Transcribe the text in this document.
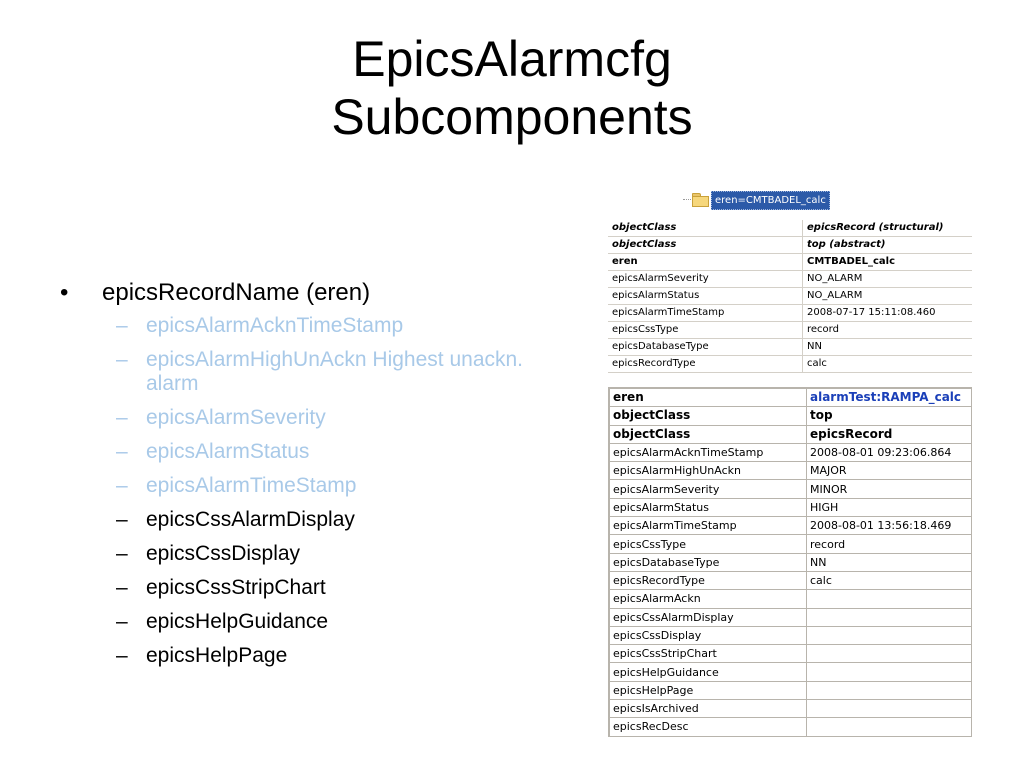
EpicsAlarmcfg
Subcomponents
• epicsRecordName (eren)
– epicsAlarmAcknTimeStamp
– epicsAlarmHighUnAckn Highest unackn. alarm
– epicsAlarmSeverity
– epicsAlarmStatus
– epicsAlarmTimeStamp
– epicsCssAlarmDisplay
– epicsCssDisplay
– epicsCssStripChart
– epicsHelpGuidance
– epicsHelpPage
eren=CMTBADEL_calc
objectClass	epicsRecord (structural)
objectClass	top (abstract)
eren	CMTBADEL_calc
epicsAlarmSeverity	NO_ALARM
epicsAlarmStatus	NO_ALARM
epicsAlarmTimeStamp	2008-07-17 15:11:08.460
epicsCssType	record
epicsDatabaseType	NN
epicsRecordType	calc
eren	alarmTest:RAMPA_calc
objectClass	top
objectClass	epicsRecord
epicsAlarmAcknTimeStamp	2008-08-01 09:23:06.864
epicsAlarmHighUnAckn	MAJOR
epicsAlarmSeverity	MINOR
epicsAlarmStatus	HIGH
epicsAlarmTimeStamp	2008-08-01 13:56:18.469
epicsCssType	record
epicsDatabaseType	NN
epicsRecordType	calc
epicsAlarmAckn	
epicsCssAlarmDisplay	
epicsCssDisplay	
epicsCssStripChart	
epicsHelpGuidance	
epicsHelpPage	
epicsIsArchived	
epicsRecDesc	
